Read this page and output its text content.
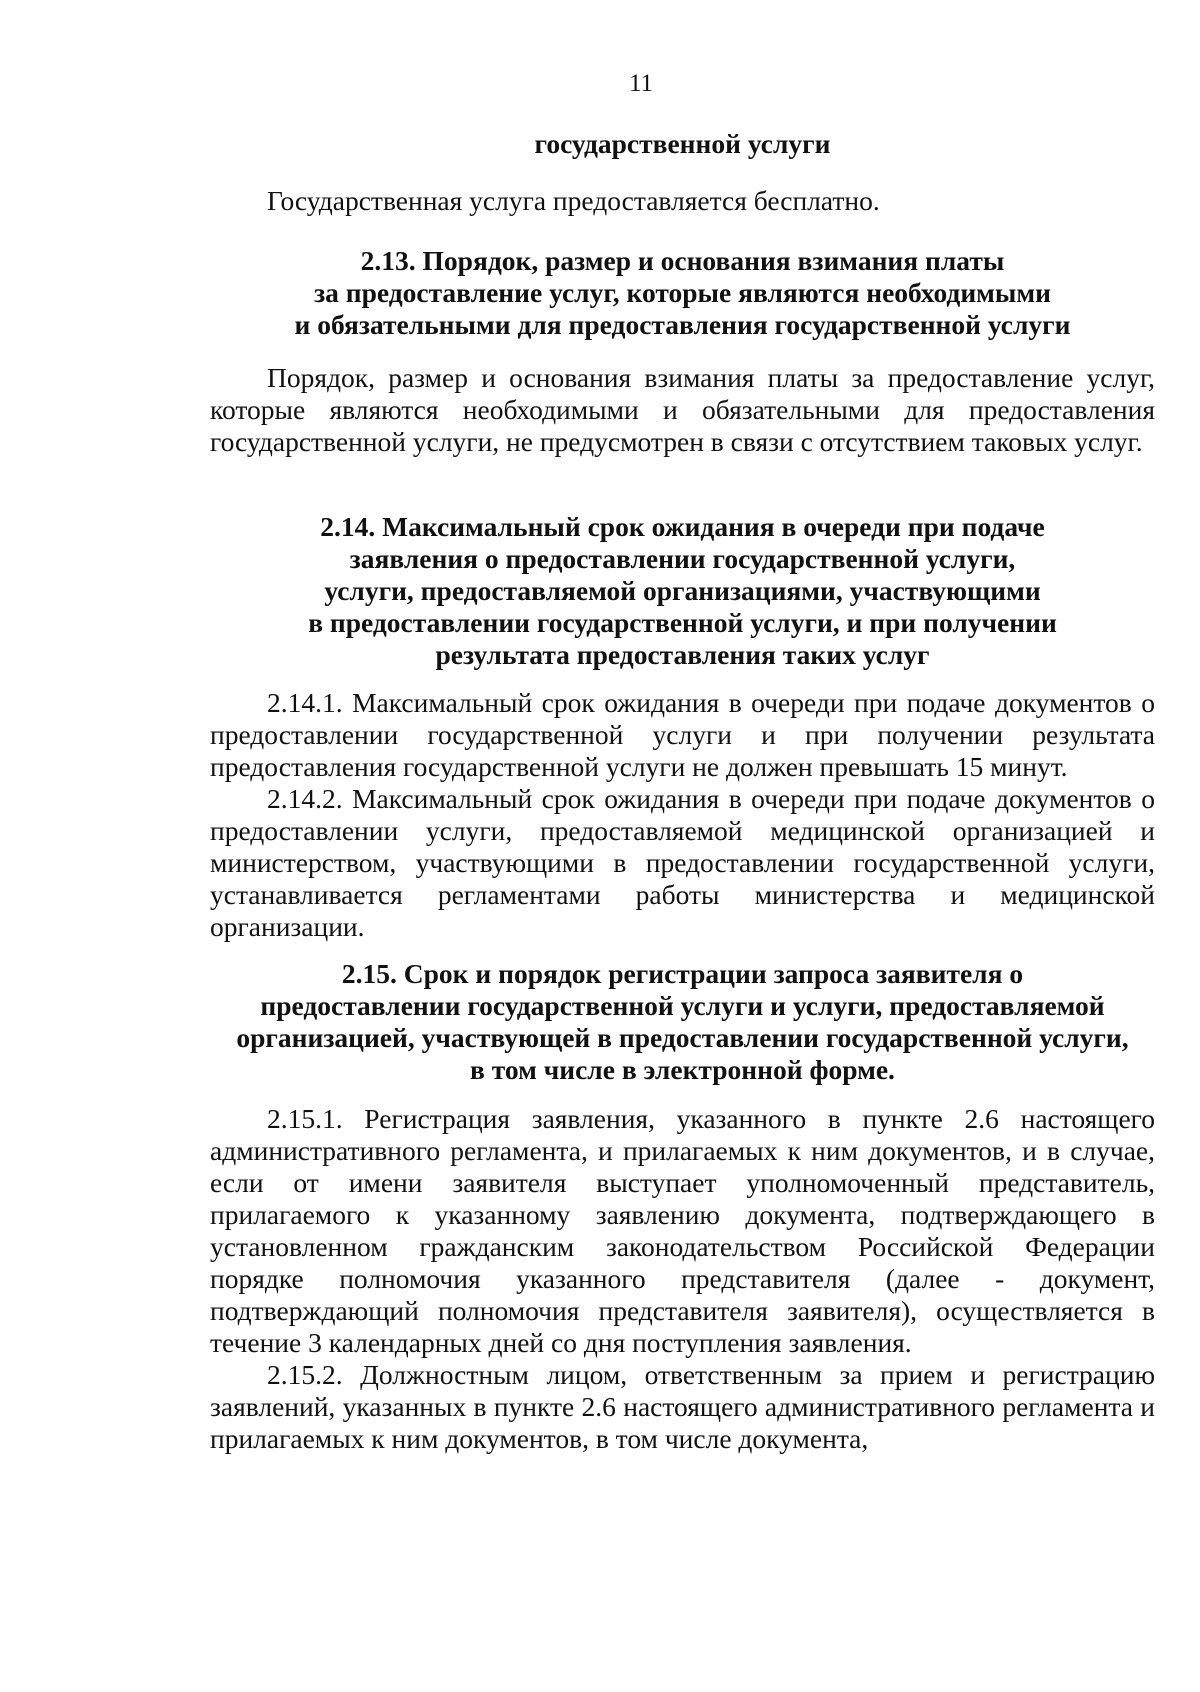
11

государственной услуги

Государственная услуга предоставляется бесплатно.

2.13. Порядок, размер и основания взимания платы
за предоставление услуг, которые являются необходимыми
и обязательными для предоставления государственной услуги

Порядок, размер и основания взимания платы за предоставление услуг, которые являются необходимыми и обязательными для предоставления государственной услуги, не предусмотрен в связи с отсутствием таковых услуг.

2.14. Максимальный срок ожидания в очереди при подаче
заявления о предоставлении государственной услуги,
услуги, предоставляемой организациями, участвующими
в предоставлении государственной услуги, и при получении
результата предоставления таких услуг

2.14.1. Максимальный срок ожидания в очереди при подаче документов о предоставлении государственной услуги и при получении результата предоставления государственной услуги не должен превышать 15 минут.

2.14.2. Максимальный срок ожидания в очереди при подаче документов о предоставлении услуги, предоставляемой медицинской организацией и министерством, участвующими в предоставлении государственной услуги, устанавливается регламентами работы министерства и медицинской организации.

2.15. Срок и порядок регистрации запроса заявителя о
предоставлении государственной услуги и услуги, предоставляемой
организацией, участвующей в предоставлении государственной услуги,
в том числе в электронной форме.

2.15.1. Регистрация заявления, указанного в пункте 2.6 настоящего административного регламента, и прилагаемых к ним документов, и в случае, если от имени заявителя выступает уполномоченный представитель, прилагаемого к указанному заявлению документа, подтверждающего в установленном гражданским законодательством Российской Федерации порядке полномочия указанного представителя (далее - документ, подтверждающий полномочия представителя заявителя), осуществляется в течение 3 календарных дней со дня поступления заявления.

2.15.2. Должностным лицом, ответственным за прием и регистрацию заявлений, указанных в пункте 2.6 настоящего административного регламента и прилагаемых к ним документов, в том числе документа,
